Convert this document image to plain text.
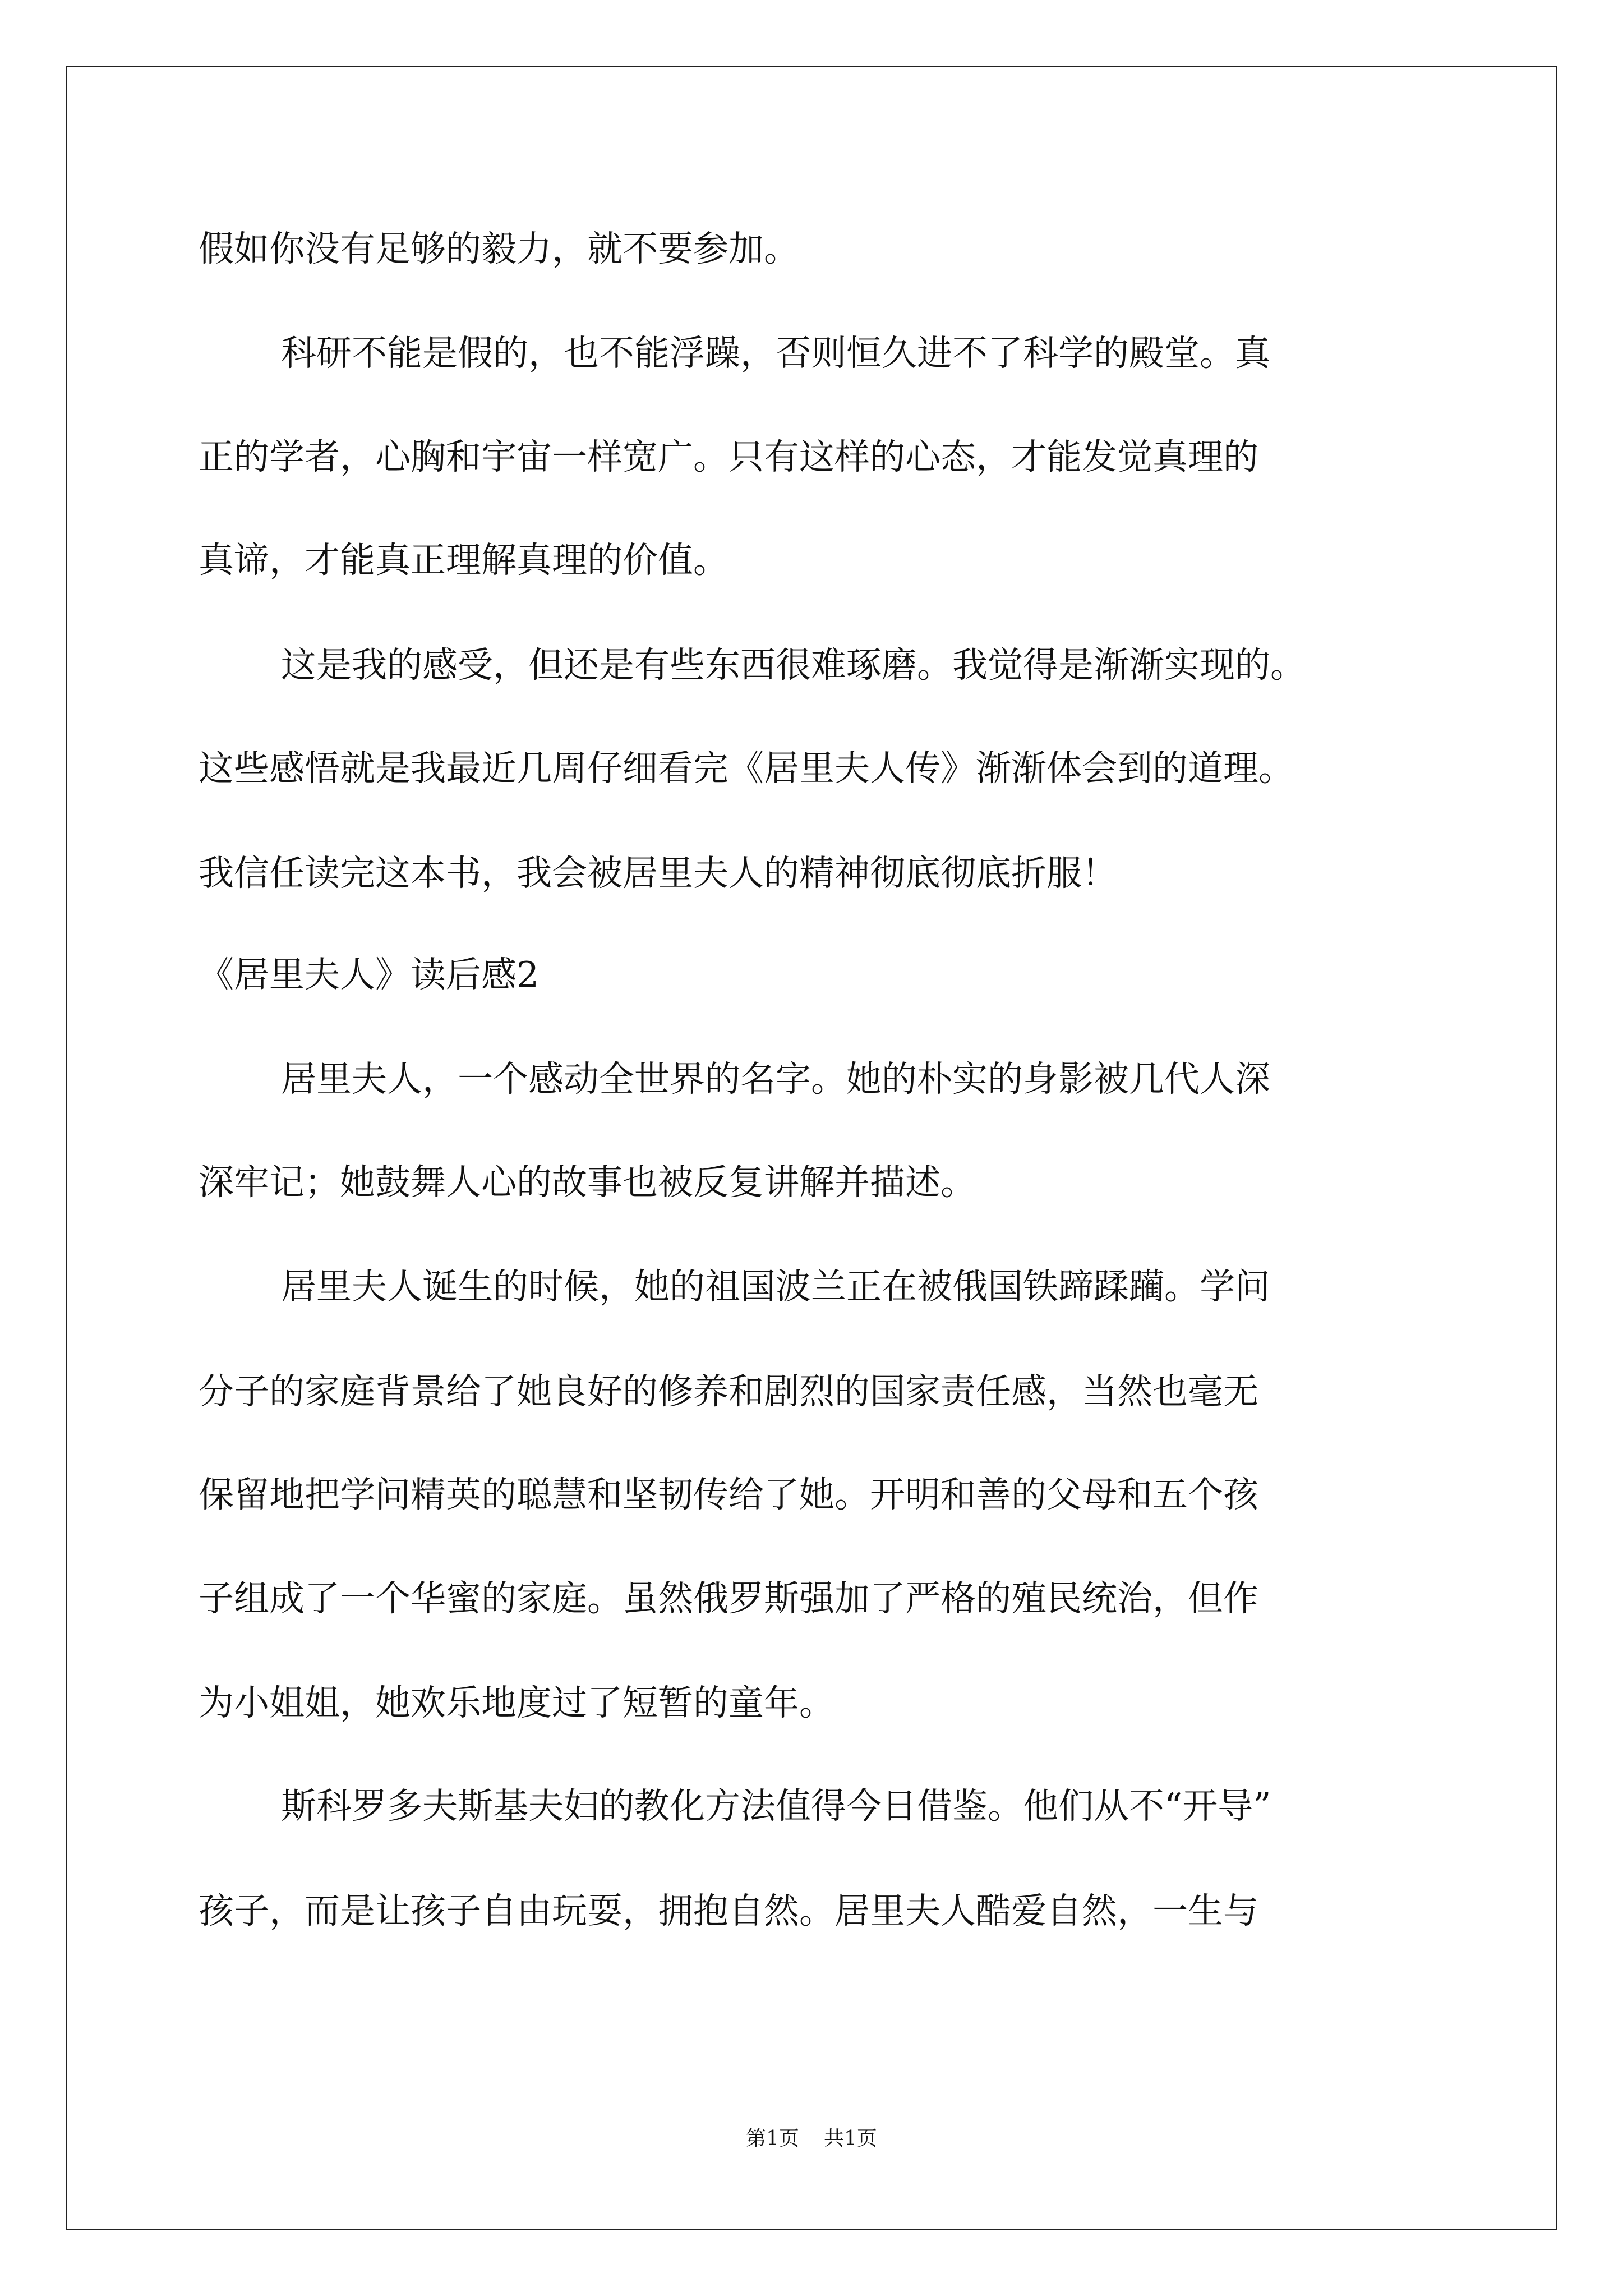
假如你没有足够的毅力，就不要参加。
科研不能是假的，也不能浮躁，否则恒久进不了科学的殿堂。真
正的学者，心胸和宇宙一样宽广。只有这样的心态，才能发觉真理的
真谛，才能真正理解真理的价值。
这是我的感受，但还是有些东西很难琢磨。我觉得是渐渐实现的。
这些感悟就是我最近几周仔细看完《居里夫人传》渐渐体会到的道理。
我信任读完这本书，我会被居里夫人的精神彻底彻底折服！
《居里夫人》读后感2
居里夫人，一个感动全世界的名字。她的朴实的身影被几代人深
深牢记；她鼓舞人心的故事也被反复讲解并描述。
居里夫人诞生的时候，她的祖国波兰正在被俄国铁蹄蹂躏。学问
分子的家庭背景给了她良好的修养和剧烈的国家责任感，当然也毫无
保留地把学问精英的聪慧和坚韧传给了她。开明和善的父母和五个孩
子组成了一个华蜜的家庭。虽然俄罗斯强加了严格的殖民统治，但作
为小姐姐，她欢乐地度过了短暂的童年。
斯科罗多夫斯基夫妇的教化方法值得今日借鉴。他们从不“开导”
孩子，而是让孩子自由玩耍，拥抱自然。居里夫人酷爱自然，一生与
第1页 共1页
